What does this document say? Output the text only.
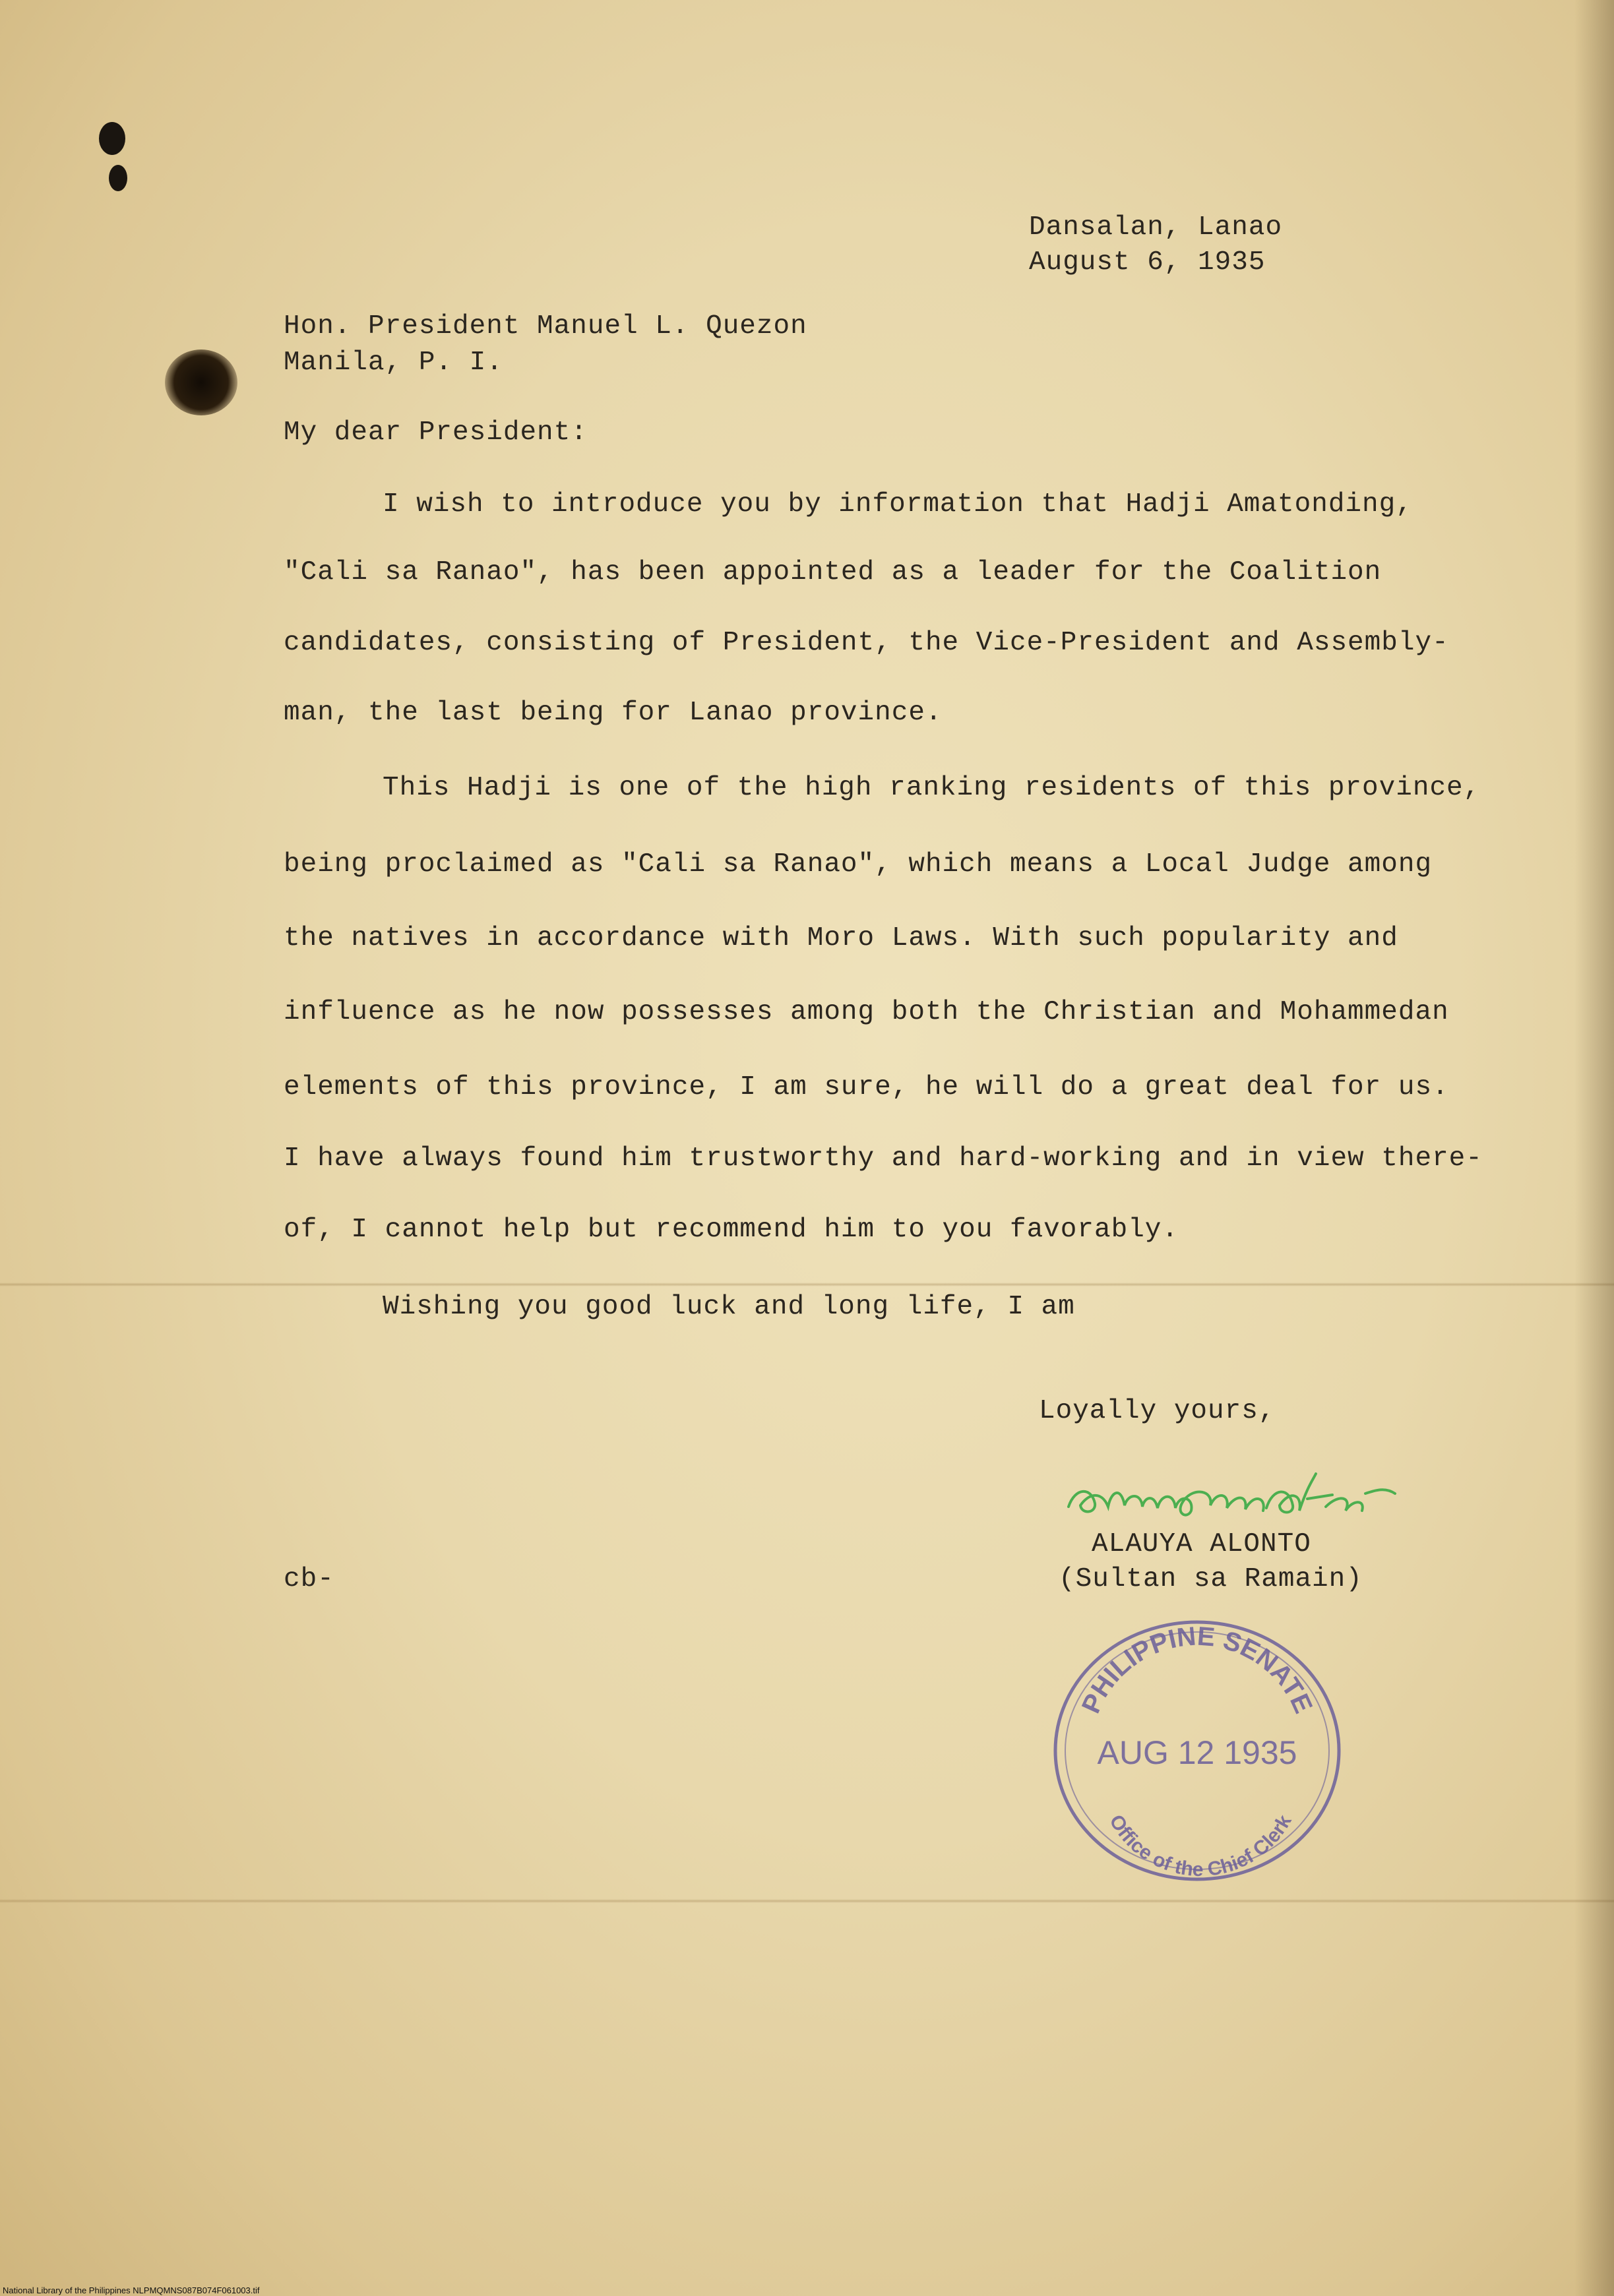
Dansalan, Lanao
August 6, 1935
Hon. President Manuel L. Quezon
Manila, P. I.
My dear President:
I wish to introduce you by information that Hadji Amatonding,
"Cali sa Ranao", has been appointed as a leader for the Coalition
candidates, consisting of President, the Vice-President and Assembly-
man, the last being for Lanao province.
This Hadji is one of the high ranking residents of this province,
being proclaimed as "Cali sa Ranao", which means a Local Judge among
the natives in accordance with Moro Laws. With such popularity and
influence as he now possesses among both the Christian and Mohammedan
elements of this province, I am sure, he will do a great deal for us.
I have always found him trustworthy and hard-working and in view there-
of, I cannot help but recommend him to you favorably.
Wishing you good luck and long life, I am
Loyally yours,
ALAUYA ALONTO
(Sultan sa Ramain)
cb-
PHILIPPINE SENATE
AUG 12 1935
Office of the Chief Clerk
National Library of the Philippines NLPMQMNS087B074F061003.tif
